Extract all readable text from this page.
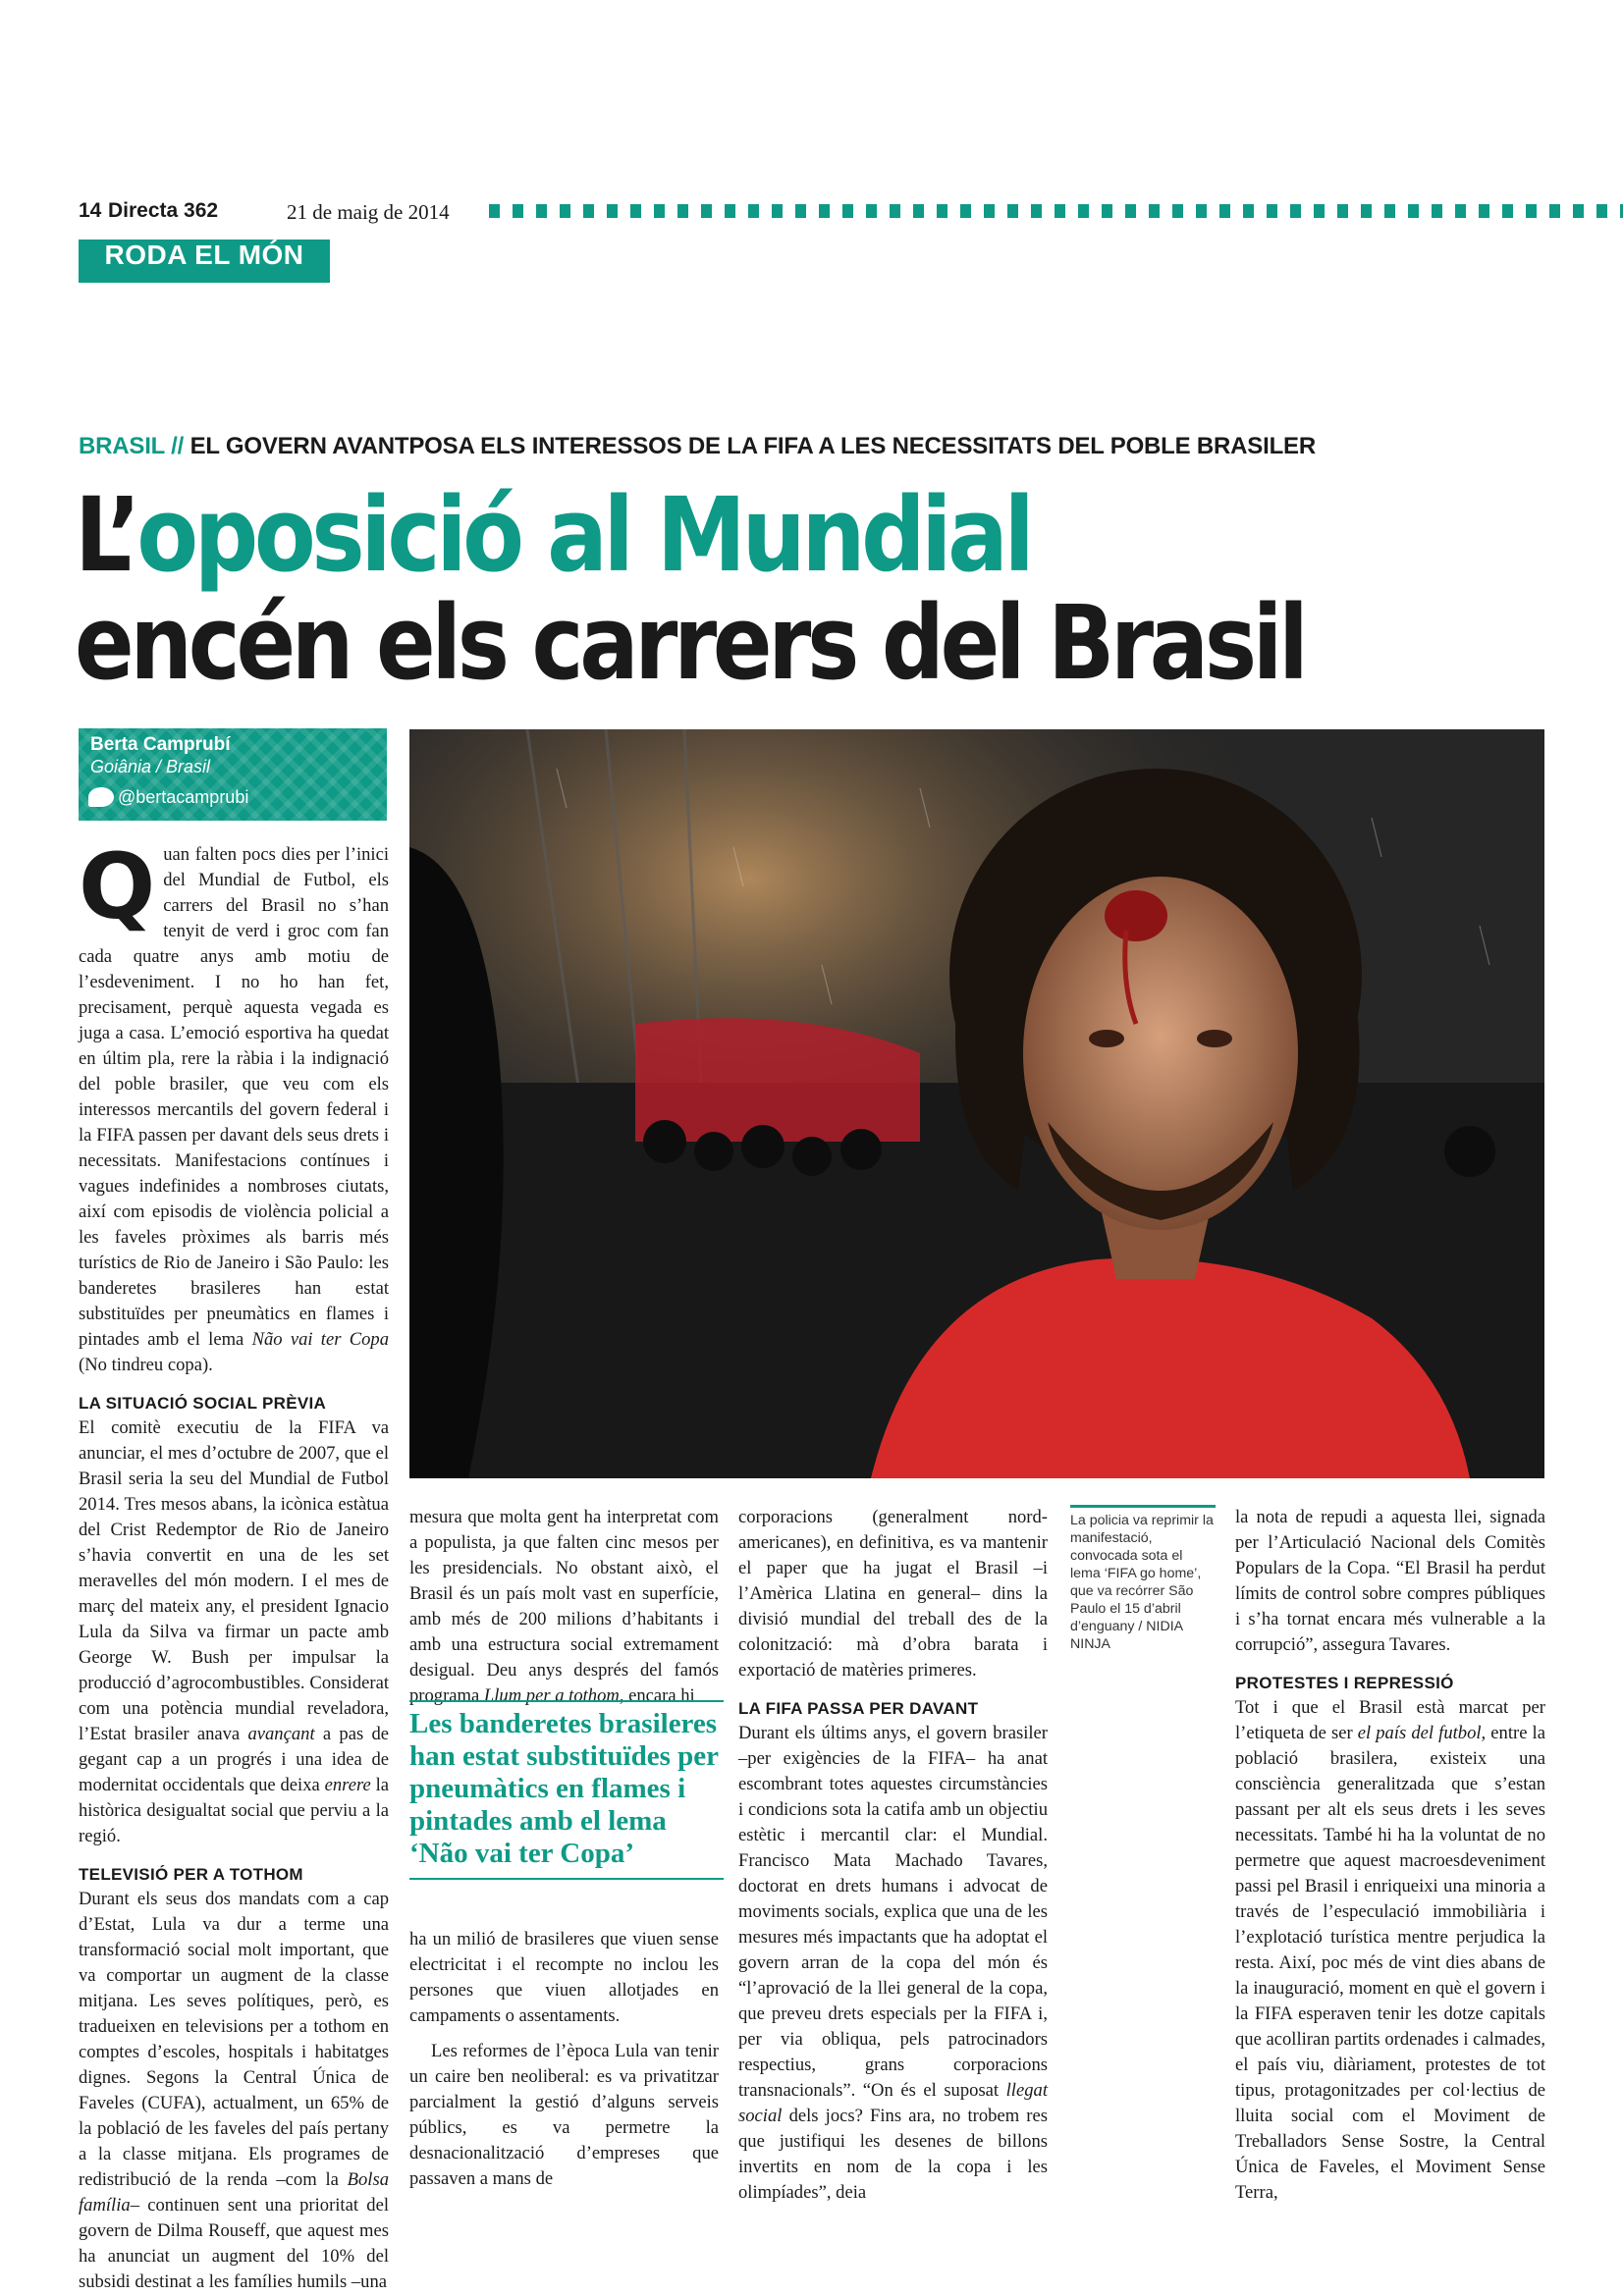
14 Directa 362	21 de maig de 2014
RODA EL MÓN
BRASIL // EL GOVERN AVANTPOSA ELS INTERESSOS DE LA FIFA A LES NECESSITATS DEL POBLE BRASILER
L’oposició al Mundial
encén els carrers del Brasil
Berta Camprubí
Goiânia / Brasil
@bertacamprubi

Quan falten pocs dies per l’inici del Mundial de Futbol, els carrers del Brasil no s’han tenyit de verd i groc com fan cada quatre anys amb motiu de l’esdeveniment. I no ho han fet, precisament, perquè aquesta vegada es juga a casa. L’emoció esportiva ha quedat en últim pla, rere la ràbia i la indignació del poble brasiler, que veu com els interessos mercantils del govern federal i la FIFA passen per davant dels seus drets i necessitats. Manifestacions contínues i vagues indefinides a nombroses ciutats, així com episodis de violència policial a les faveles pròximes als barris més turístics de Rio de Janeiro i São Paulo: les banderetes brasileres han estat substituïdes per pneumàtics en flames i pintades amb el lema Não vai ter Copa (No tindreu copa).

LA SITUACIÓ SOCIAL PRÈVIA

El comitè executiu de la FIFA va anunciar, el mes d’octubre de 2007, que el Brasil seria la seu del Mundial de Futbol 2014. Tres mesos abans, la icònica estàtua del Crist Redemptor de Rio de Janeiro s’havia convertit en una de les set meravelles del món modern. I el mes de març del mateix any, el president Ignacio Lula da Silva va firmar un pacte amb George W. Bush per impulsar la producció d’agrocombustibles. Considerat com una potència mundial reveladora, l’Estat brasiler anava avançant a pas de gegant cap a un progrés i una idea de modernitat occidentals que deixa enrere la històrica desigualtat social que perviu a la regió.

TELEVISIÓ PER A TOTHOM

Durant els seus dos mandats com a cap d’Estat, Lula va dur a terme una transformació social molt important, que va comportar un augment de la classe mitjana. Les seves polítiques, però, es tradueixen en televisions per a tothom en comptes d’escoles, hospitals i habitatges dignes. Segons la Central Única de Faveles (CUFA), actualment, un 65% de la població de les faveles del país pertany a la classe mitjana. Els programes de redistribució de la renda –com la Bolsa família– continuen sent una prioritat del govern de Dilma Rouseff, que aquest mes ha anunciat un augment del 10% del subsidi destinat a les famílies humils –una

mesura que molta gent ha interpretat com a populista, ja que falten cinc mesos per les presidencials. No obstant això, el Brasil és un país molt vast en superfície, amb més de 200 milions d’habitants i amb una estructura social extremament desigual. Deu anys després del famós programa Llum per a tothom, encara hi

ha un milió de brasileres que viuen sense electricitat i el recompte no inclou les persones que viuen allotjades en campaments o assentaments.

Les reformes de l’època Lula van tenir un caire ben neoliberal: es va privatitzar parcialment la gestió d’alguns serveis públics, es va permetre la desnacionalització d’empreses que passaven a mans de

Les banderetes brasileres han estat substituïdes per pneumàtics en flames i pintades amb el lema ‘Não vai ter Copa’

corporacions (generalment nord-americanes), en definitiva, es va mantenir el paper que ha jugat el Brasil –i l’Amèrica Llatina en general– dins la divisió mundial del treball des de la colonització: mà d’obra barata i exportació de matèries primeres.

LA FIFA PASSA PER DAVANT

Durant els últims anys, el govern brasiler –per exigències de la FIFA– ha anat escombrant totes aquestes circumstàncies i condicions sota la catifa amb un objectiu estètic i mercantil clar: el Mundial. Francisco Mata Machado Tavares, doctorat en drets humans i advocat de moviments socials, explica que una de les mesures més impactants que ha adoptat el govern arran de la copa del món és “l’aprovació de la llei general de la copa, que preveu drets especials per la FIFA i, per via obliqua, pels patrocinadors respectius, grans corporacions transnacionals”. “On és el suposat llegat social dels jocs? Fins ara, no trobem res que justifiqui les desenes de billons invertits en nom de la copa i les olimpíades”, deia

La policia va reprimir la manifestació, convocada sota el lema ‘FIFA go home’, que va recórrer São Paulo el 15 d’abril d’enguany / NIDIA NINJA

la nota de repudi a aquesta llei, signada per l’Articulació Nacional dels Comitès Populars de la Copa. “El Brasil ha perdut límits de control sobre compres públiques i s’ha tornat encara més vulnerable a la corrupció”, assegura Tavares.

PROTESTES I REPRESSIÓ

Tot i que el Brasil està marcat per l’etiqueta de ser el país del futbol, entre la població brasilera, existeix una consciència generalitzada que s’estan passant per alt els seus drets i les seves necessitats. També hi ha la voluntat de no permetre que aquest macroesdeveniment passi pel Brasil i enriqueixi una minoria a través de l’especulació immobiliària i l’explotació turística mentre perjudica la resta. Així, poc més de vint dies abans de la inauguració, moment en què el govern i la FIFA esperaven tenir les dotze capitals que acolliran partits ordenades i calmades, el país viu, diàriament, protestes de tot tipus, protagonitzades per col·lectius de lluita social com el Moviment de Treballadors Sense Sostre, la Central Única de Faveles, el Moviment Sense Terra,
